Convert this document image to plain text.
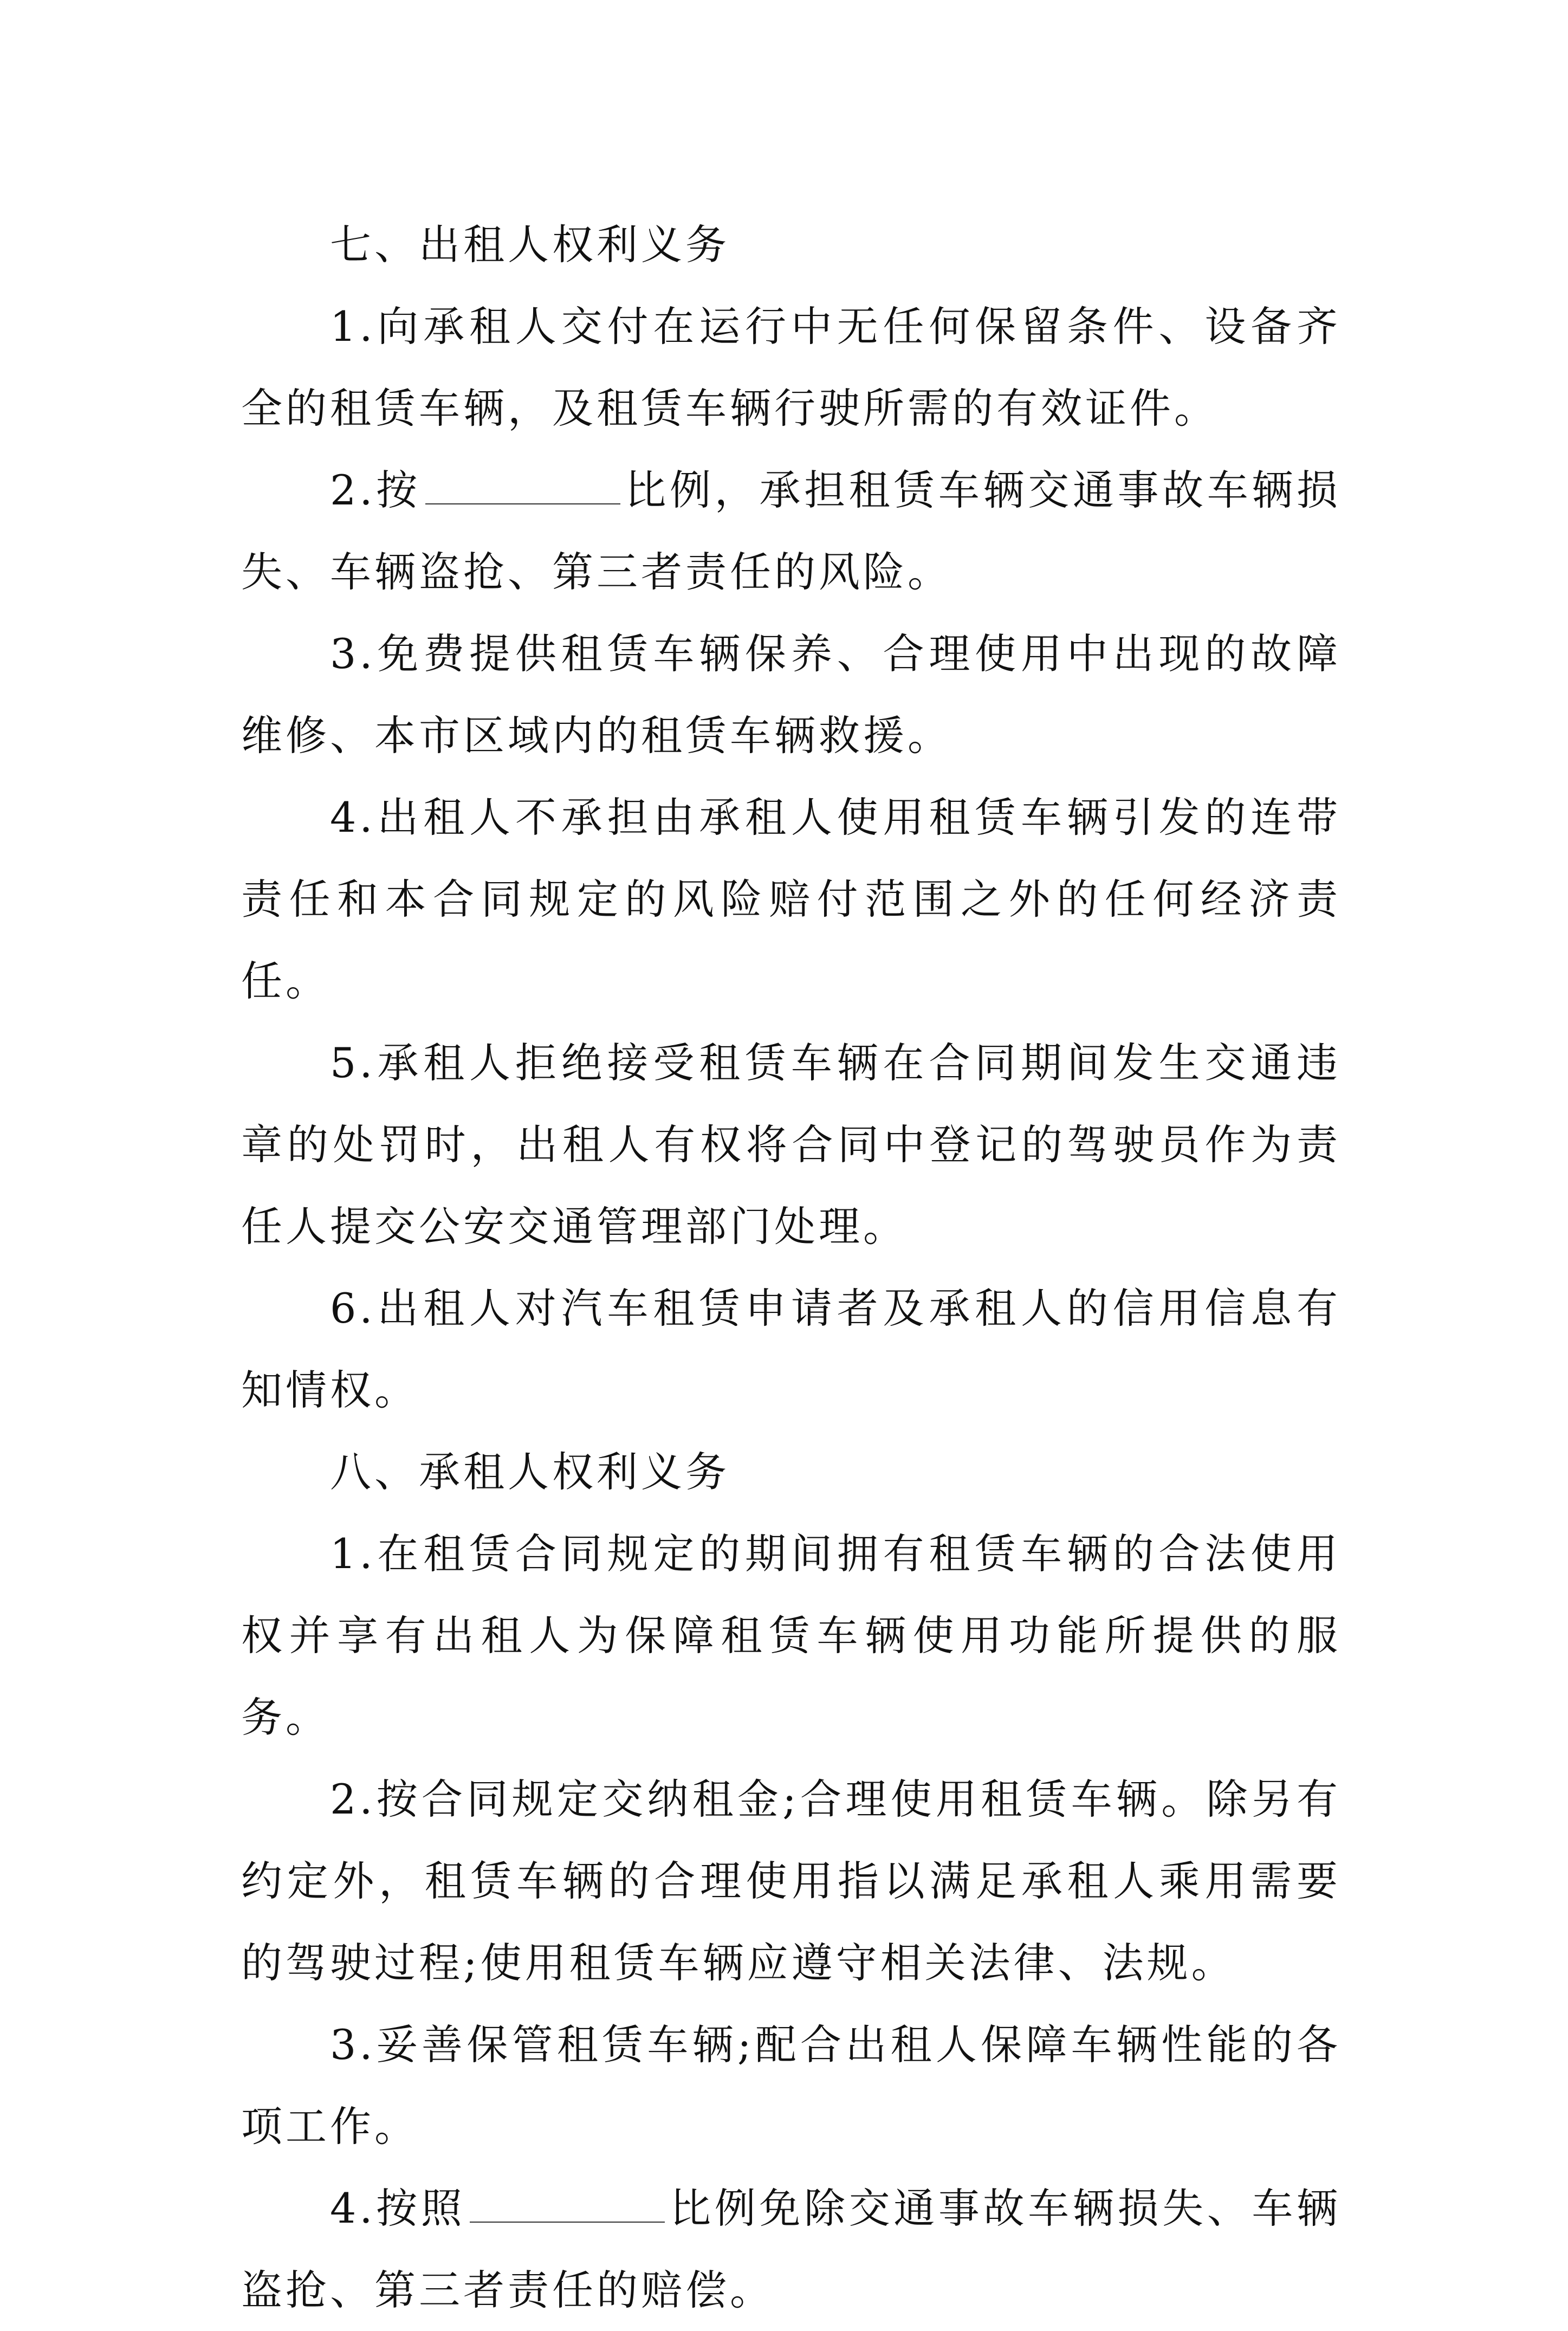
七、出租人权利义务

1.向承租人交付在运行中无任何保留条件、设备齐全的租赁车辆，及租赁车辆行驶所需的有效证件。

2.按	比例，承担租赁车辆交通事故车辆损失、车辆盗抢、第三者责任的风险。

3.免费提供租赁车辆保养、合理使用中出现的故障维修、本市区域内的租赁车辆救援。

4.出租人不承担由承租人使用租赁车辆引发的连带责任和本合同规定的风险赔付范围之外的任何经济责任。

5.承租人拒绝接受租赁车辆在合同期间发生交通违章的处罚时，出租人有权将合同中登记的驾驶员作为责任人提交公安交通管理部门处理。

6.出租人对汽车租赁申请者及承租人的信用信息有知情权。

八、承租人权利义务

1.在租赁合同规定的期间拥有租赁车辆的合法使用权并享有出租人为保障租赁车辆使用功能所提供的服务。

2.按合同规定交纳租金;合理使用租赁车辆。除另有约定外，租赁车辆的合理使用指以满足承租人乘用需要的驾驶过程;使用租赁车辆应遵守相关法律、法规。

3.妥善保管租赁车辆;配合出租人保障车辆性能的各项工作。

4.按照	比例免除交通事故车辆损失、车辆盗抢、第三者责任的赔偿。
